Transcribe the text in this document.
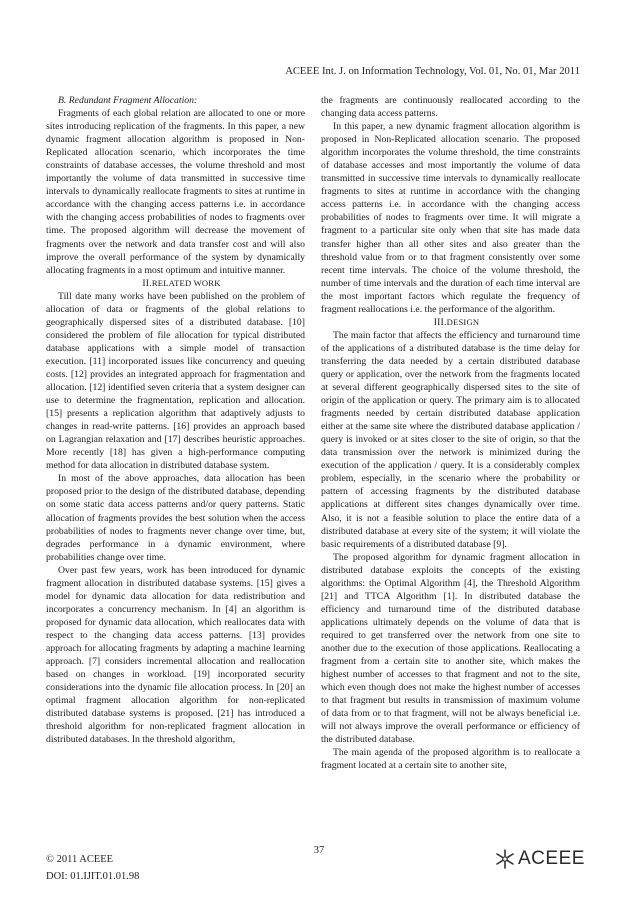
ACEEE Int. J. on Information Technology, Vol. 01, No. 01, Mar 2011

B. Redundant Fragment Allocation:

Fragments of each global relation are allocated to one or more sites introducing replication of the fragments. In this paper, a new dynamic fragment allocation algorithm is proposed in Non-Replicated allocation scenario, which incorporates the time constraints of database accesses, the volume threshold and most importantly the volume of data transmitted in successive time intervals to dynamically reallocate fragments to sites at runtime in accordance with the changing access patterns i.e. in accordance with the changing access probabilities of nodes to fragments over time. The proposed algorithm will decrease the movement of fragments over the network and data transfer cost and will also improve the overall performance of the system by dynamically allocating fragments in a most optimum and intuitive manner.

II.RELATED WORK

Till date many works have been published on the problem of allocation of data or fragments of the global relations to geographically dispersed sites of a distributed database. [10] considered the problem of file allocation for typical distributed database applications with a simple model of transaction execution. [11] incorporated issues like concurrency and queuing costs. [12] provides an integrated approach for fragmentation and allocation. [12] identified seven criteria that a system designer can use to determine the fragmentation, replication and allocation. [15] presents a replication algorithm that adaptively adjusts to changes in read-write patterns. [16] provides an approach based on Lagrangian relaxation and [17] describes heuristic approaches. More recently [18] has given a high-performance computing method for data allocation in distributed database system.

In most of the above approaches, data allocation has been proposed prior to the design of the distributed database, depending on some static data access patterns and/or query patterns. Static allocation of fragments provides the best solution when the access probabilities of nodes to fragments never change over time, but, degrades performance in a dynamic environment, where probabilities change over time.

Over past few years, work has been introduced for dynamic fragment allocation in distributed database systems. [15] gives a model for dynamic data allocation for data redistribution and incorporates a concurrency mechanism. In [4] an algorithm is proposed for dynamic data allocation, which reallocates data with respect to the changing data access patterns. [13] provides approach for allocating fragments by adapting a machine learning approach. [7] considers incremental allocation and reallocation based on changes in workload. [19] incorporated security considerations into the dynamic file allocation process. In [20] an optimal fragment allocation algorithm for non-replicated distributed database systems is proposed. [21] has introduced a threshold algorithm for non-replicated fragment allocation in distributed databases. In the threshold algorithm,

the fragments are continuously reallocated according to the changing data access patterns.

In this paper, a new dynamic fragment allocation algorithm is proposed in Non-Replicated allocation scenario. The proposed algorithm incorporates the volume threshold, the time constraints of database accesses and most importantly the volume of data transmitted in successive time intervals to dynamically reallocate fragments to sites at runtime in accordance with the changing access patterns i.e. in accordance with the changing access probabilities of nodes to fragments over time. It will migrate a fragment to a particular site only when that site has made data transfer higher than all other sites and also greater than the threshold value from or to that fragment consistently over some recent time intervals. The choice of the volume threshold, the number of time intervals and the duration of each time interval are the most important factors which regulate the frequency of fragment reallocations i.e. the performance of the algorithm.

III.DESIGN

The main factor that affects the efficiency and turnaround time of the applications of a distributed database is the time delay for transferring the data needed by a certain distributed database query or application, over the network from the fragments located at several different geographically dispersed sites to the site of origin of the application or query. The primary aim is to allocated fragments needed by certain distributed database application either at the same site where the distributed database application / query is invoked or at sites closer to the site of origin, so that the data transmission over the network is minimized during the execution of the application / query. It is a considerably complex problem, especially, in the scenario where the probability or pattern of accessing fragments by the distributed database applications at different sites changes dynamically over time. Also, it is not a feasible solution to place the entire data of a distributed database at every site of the system; it will violate the basic requirements of a distributed database [9].

The proposed algorithm for dynamic fragment allocation in distributed database exploits the concepts of the existing algorithms: the Optimal Algorithm [4], the Threshold Algorithm [21] and TTCA Algorithm [1]. In distributed database the efficiency and turnaround time of the distributed database applications ultimately depends on the volume of data that is required to get transferred over the network from one site to another due to the execution of those applications. Reallocating a fragment from a certain site to another site, which makes the highest number of accesses to that fragment and not to the site, which even though does not make the highest number of accesses to that fragment but results in transmission of maximum volume of data from or to that fragment, will not be always beneficial i.e. will not always improve the overall performance or efficiency of the distributed database.

The main agenda of the proposed algorithm is to reallocate a fragment located at a certain site to another site,

37
© 2011 ACEEE
DOI: 01.IJIT.01.01.98
ACEEE
